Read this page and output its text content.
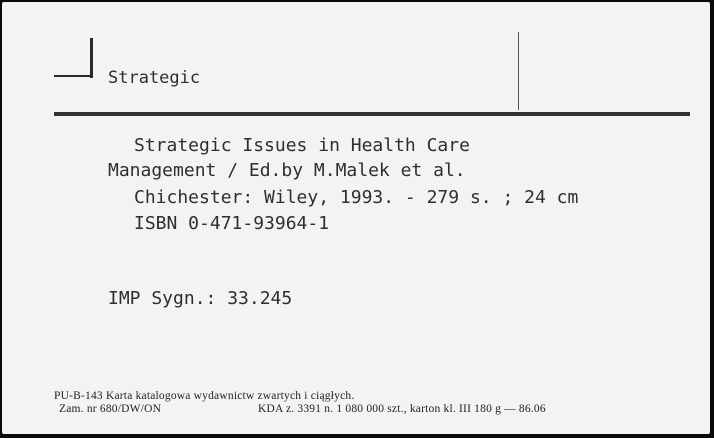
Strategic
Strategic Issues in Health Care
Management / Ed.by M.Malek et al.
Chichester: Wiley, 1993. - 279 s. ; 24 cm
ISBN 0-471-93964-1
IMP Sygn.: 33.245
PU-B-143 Karta katalogowa wydawnictw zwartych i ciągłych.
Zam. nr 680/DW/ON	KDA z. 3391 n. 1 080 000 szt., karton kl. III 180 g — 86.06
